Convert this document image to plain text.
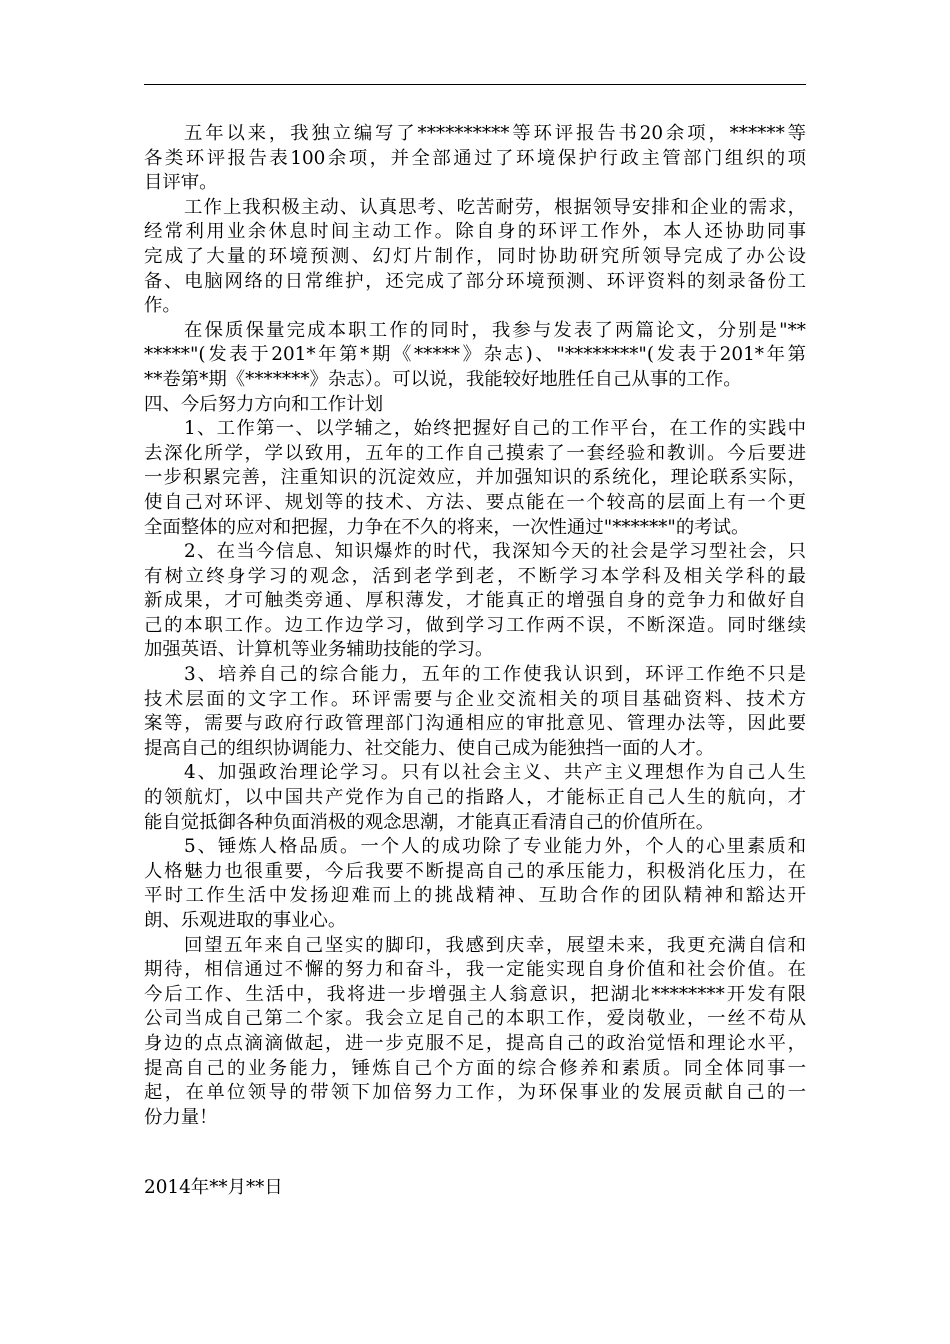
五年以来，我独立编写了**********等环评报告书20余项，******等
各类环评报告表100余项，并全部通过了环境保护行政主管部门组织的项
目评审。
工作上我积极主动、认真思考、吃苦耐劳，根据领导安排和企业的需求，
经常利用业余休息时间主动工作。除自身的环评工作外，本人还协助同事
完成了大量的环境预测、幻灯片制作，同时协助研究所领导完成了办公设
备、电脑网络的日常维护，还完成了部分环境预测、环评资料的刻录备份工
作。
在保质保量完成本职工作的同时，我参与发表了两篇论文，分别是"**
*****"(发表于201*年第*期《*****》杂志)、"********"(发表于201*年第
**卷第*期《*******》杂志）。可以说，我能较好地胜任自己从事的工作。
四、今后努力方向和工作计划
1、工作第一、以学辅之，始终把握好自己的工作平台，在工作的实践中
去深化所学，学以致用，五年的工作自己摸索了一套经验和教训。今后要进
一步积累完善，注重知识的沉淀效应，并加强知识的系统化，理论联系实际，
使自己对环评、规划等的技术、方法、要点能在一个较高的层面上有一个更
全面整体的应对和把握，力争在不久的将来，一次性通过"******"的考试。
2、在当今信息、知识爆炸的时代，我深知今天的社会是学习型社会，只
有树立终身学习的观念，活到老学到老，不断学习本学科及相关学科的最
新成果，才可触类旁通、厚积薄发，才能真正的增强自身的竞争力和做好自
己的本职工作。边工作边学习，做到学习工作两不误，不断深造。同时继续
加强英语、计算机等业务辅助技能的学习。
3、培养自己的综合能力，五年的工作使我认识到，环评工作绝不只是
技术层面的文字工作。环评需要与企业交流相关的项目基础资料、技术方
案等，需要与政府行政管理部门沟通相应的审批意见、管理办法等，因此要
提高自己的组织协调能力、社交能力、使自己成为能独挡一面的人才。
4、加强政治理论学习。只有以社会主义、共产主义理想作为自己人生
的领航灯，以中国共产党作为自己的指路人，才能标正自己人生的航向，才
能自觉抵御各种负面消极的观念思潮，才能真正看清自己的价值所在。
5、锤炼人格品质。一个人的成功除了专业能力外，个人的心里素质和
人格魅力也很重要，今后我要不断提高自己的承压能力，积极消化压力，在
平时工作生活中发扬迎难而上的挑战精神、互助合作的团队精神和豁达开
朗、乐观进取的事业心。
回望五年来自己坚实的脚印，我感到庆幸，展望未来，我更充满自信和
期待，相信通过不懈的努力和奋斗，我一定能实现自身价值和社会价值。在
今后工作、生活中，我将进一步增强主人翁意识，把湖北********开发有限
公司当成自己第二个家。我会立足自己的本职工作，爱岗敬业，一丝不苟从
身边的点点滴滴做起，进一步克服不足，提高自己的政治觉悟和理论水平，
提高自己的业务能力，锤炼自己个方面的综合修养和素质。同全体同事一
起，在单位领导的带领下加倍努力工作，为环保事业的发展贡献自己的一
份力量！
2014年**月**日
